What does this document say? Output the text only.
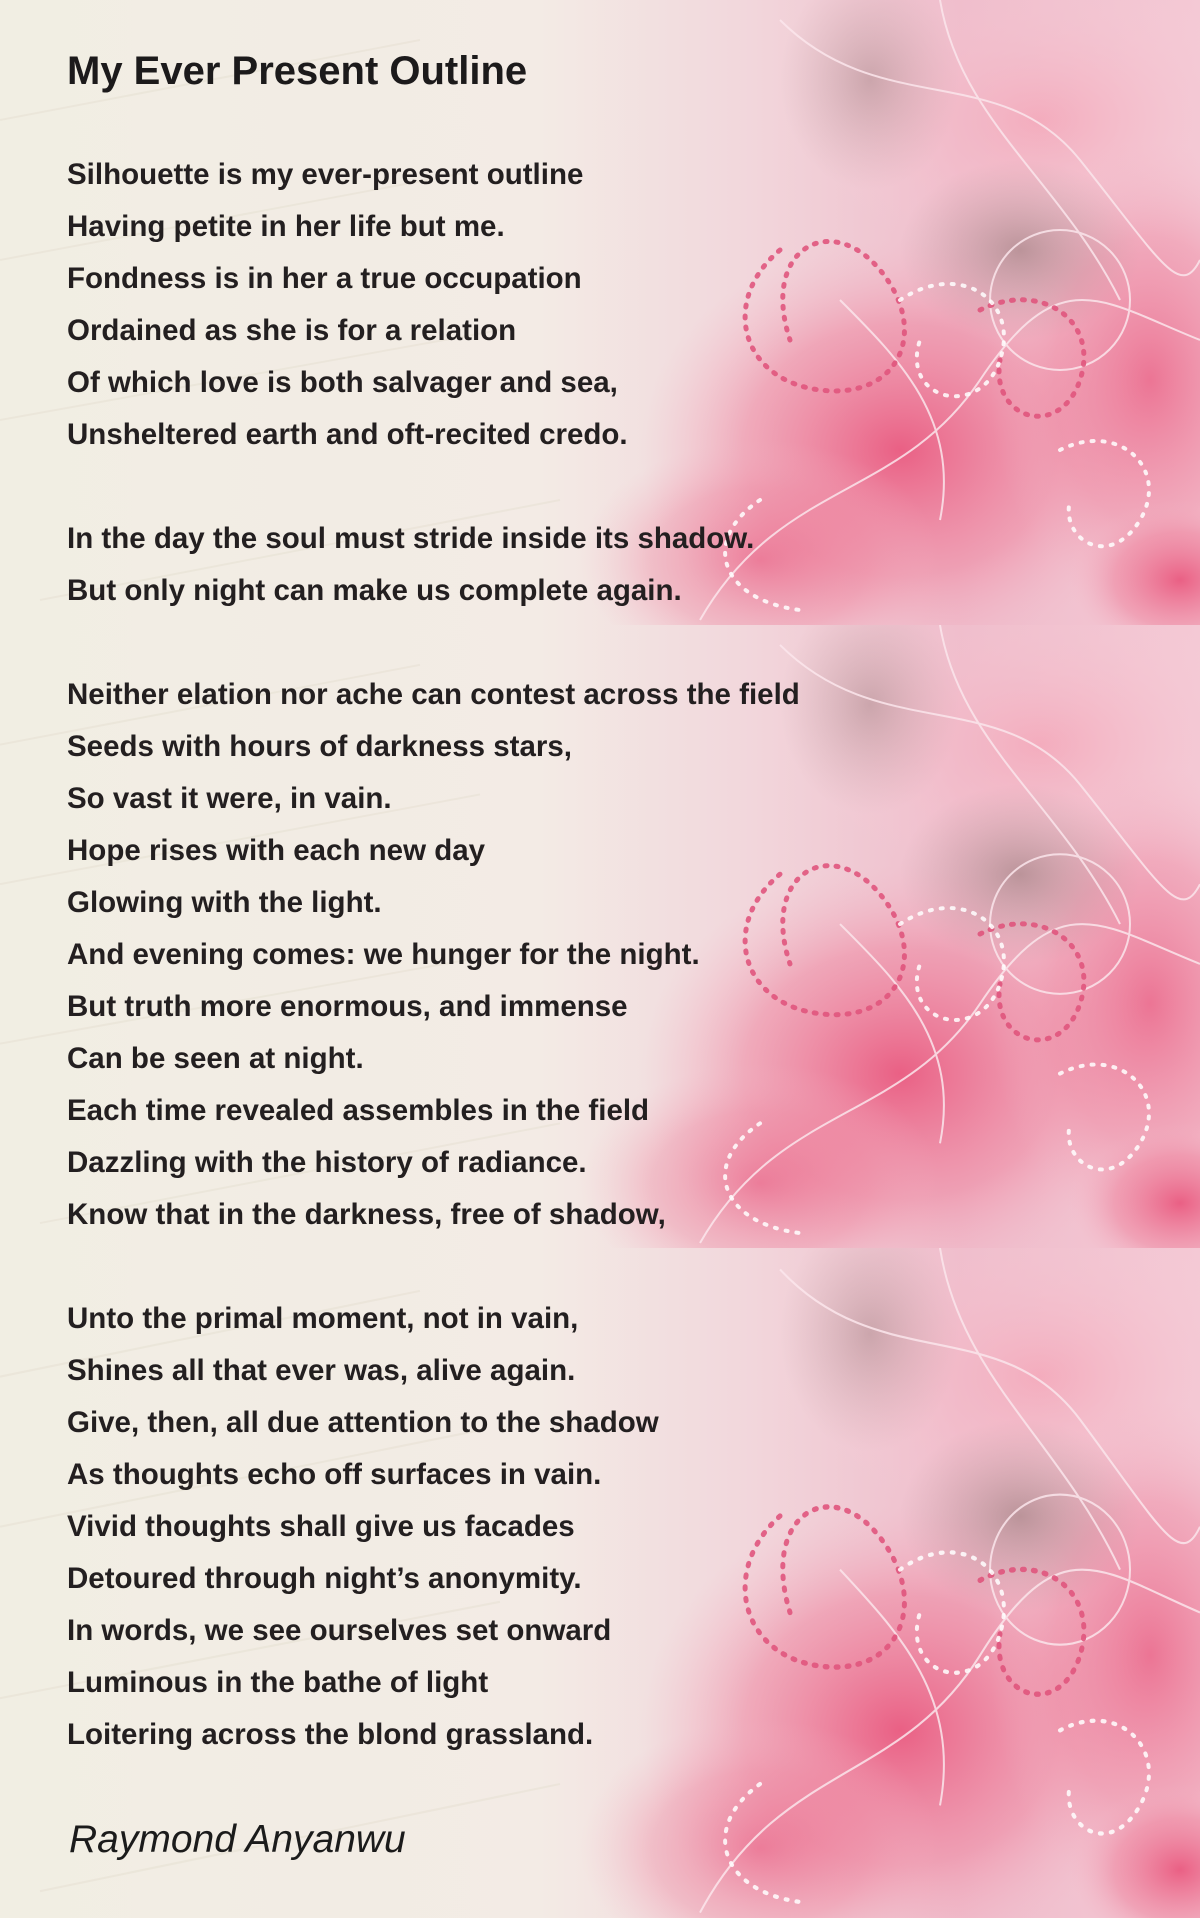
My Ever Present Outline
Silhouette is my ever-present outline
Having petite in her life but me.
Fondness is in her a true occupation
Ordained as she is for a relation
Of which love is both salvager and sea,
Unsheltered earth and oft-recited credo.
In the day the soul must stride inside its shadow.
But only night can make us complete again.
Neither elation nor ache can contest across the field
Seeds with hours of darkness stars,
So vast it were, in vain.
Hope rises with each new day
Glowing with the light.
And evening comes: we hunger for the night.
But truth more enormous, and immense
Can be seen at night.
Each time revealed assembles in the field
Dazzling with the history of radiance.
Know that in the darkness, free of shadow,
Unto the primal moment, not in vain,
Shines all that ever was, alive again.
Give, then, all due attention to the shadow
As thoughts echo off surfaces in vain.
Vivid thoughts shall give us facades
Detoured through night’s anonymity.
In words, we see ourselves set onward
Luminous in the bathe of light
Loitering across the blond grassland.

Raymond Anyanwu
